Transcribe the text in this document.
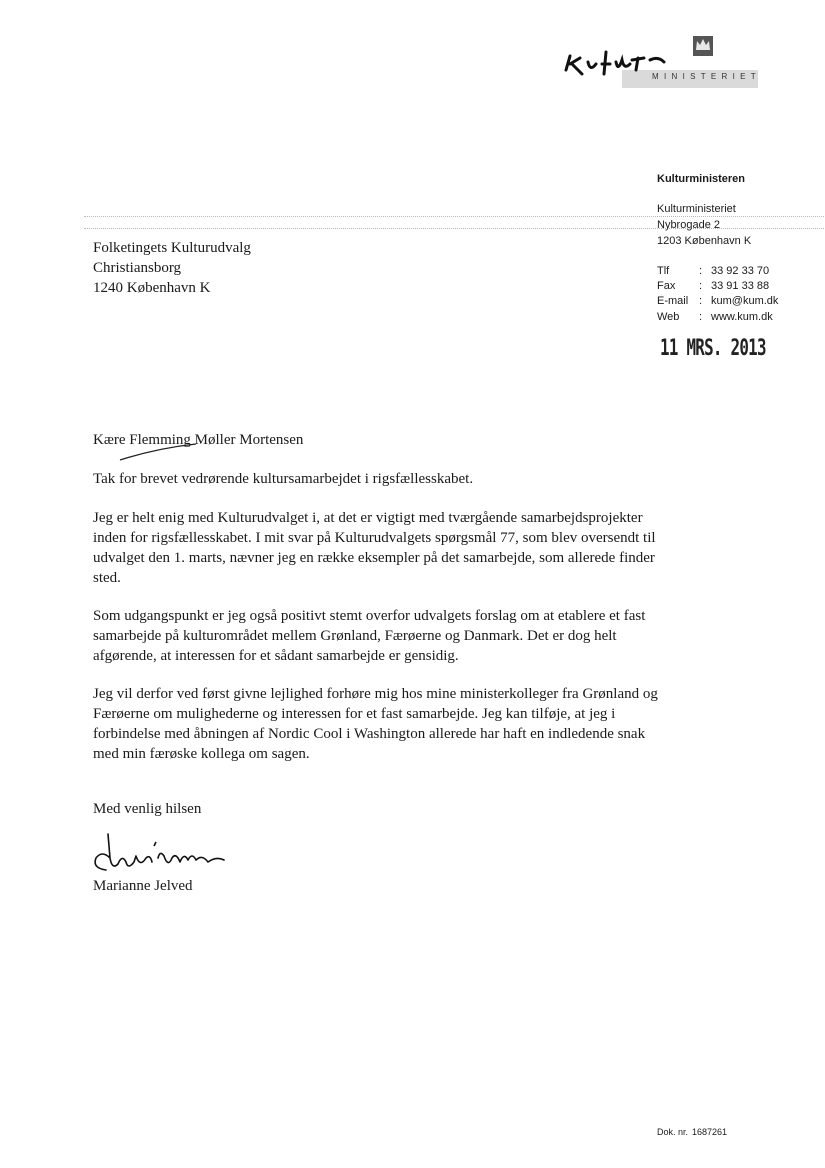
MINISTERIET
Kulturministeren
Kulturministeriet
Nybrogade 2
1203 København K
Tlf	: 33 92 33 70
Fax	: 33 91 33 88
E-mail : kum@kum.dk
Web	: www.kum.dk
11 MRS. 2013
Folketingets Kulturudvalg
Christiansborg
1240 København K
Kære Flemming Møller Mortensen
Tak for brevet vedrørende kultursamarbejdet i rigsfællesskabet.
Jeg er helt enig med Kulturudvalget i, at det er vigtigt med tværgående samarbejdsprojekter inden for rigsfællesskabet. I mit svar på Kulturudvalgets spørgsmål 77, som blev oversendt til udvalget den 1. marts, nævner jeg en række eksempler på det samarbejde, som allerede finder sted.
Som udgangspunkt er jeg også positivt stemt overfor udvalgets forslag om at etablere et fast samarbejde på kulturområdet mellem Grønland, Færøerne og Danmark. Det er dog helt afgørende, at interessen for et sådant samarbejde er gensidig.
Jeg vil derfor ved først givne lejlighed forhøre mig hos mine ministerkolleger fra Grønland og Færøerne om mulighederne og interessen for et fast samarbejde. Jeg kan tilføje, at jeg i forbindelse med åbningen af Nordic Cool i Washington allerede har haft en indledende snak med min færøske kollega om sagen.
Med venlig hilsen
Marianne Jelved
Dok. nr. 1687261
